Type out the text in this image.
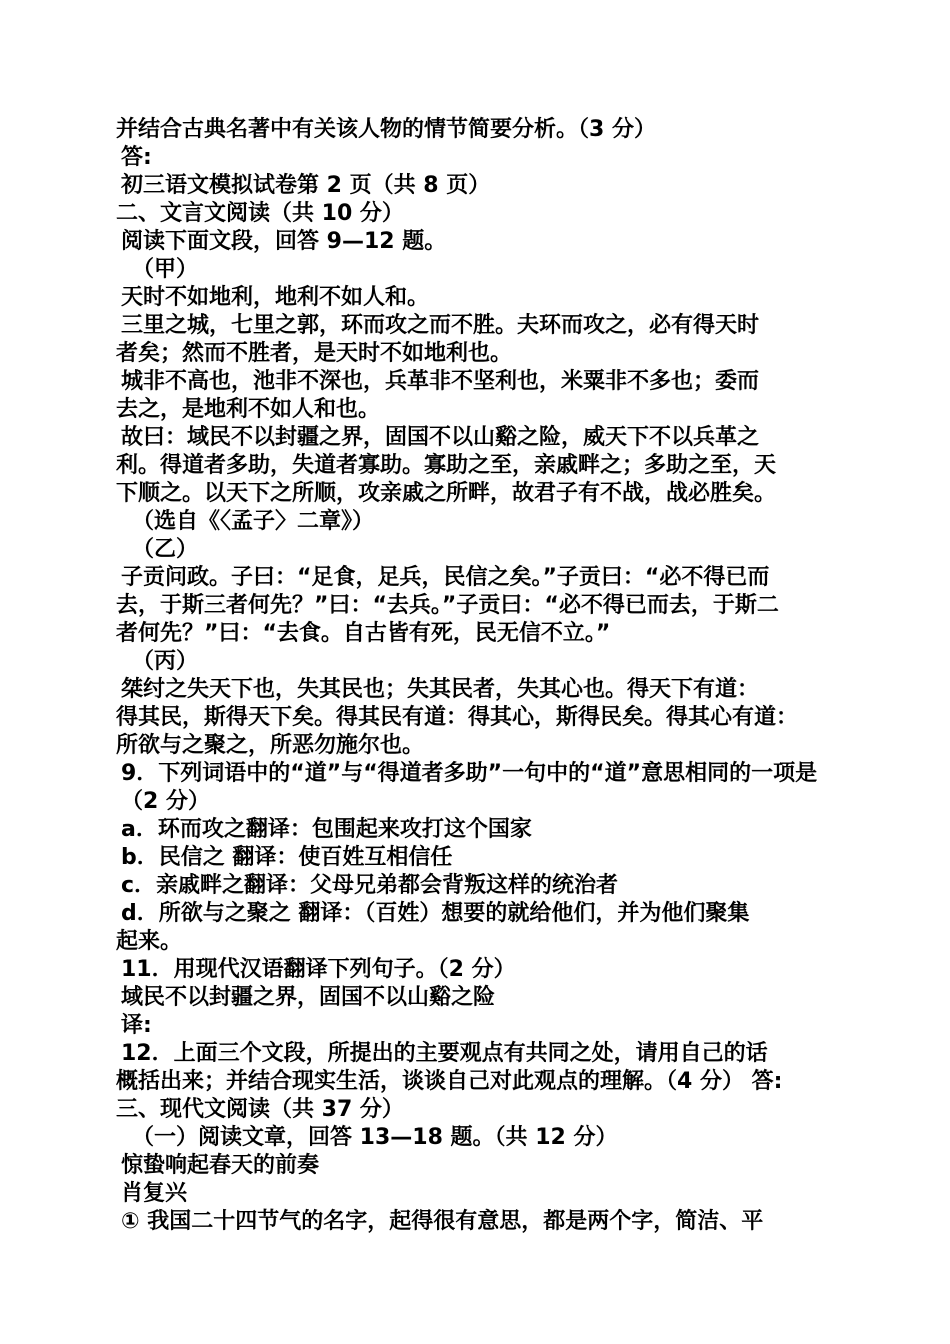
并结合古典名著中有关该人物的情节简要分析。（3 分）
答:
初三语文模拟试卷第 2 页（共 8 页）
二、文言文阅读（共 10 分）
阅读下面文段，回答 9—12 题。
（甲）
天时不如地利，地利不如人和。
三里之城，七里之郭，环而攻之而不胜。夫环而攻之，必有得天时
者矣；然而不胜者，是天时不如地利也。
城非不高也，池非不深也，兵革非不坚利也，米粟非不多也；委而
去之，是地利不如人和也。
故曰：域民不以封疆之界，固国不以山谿之险，威天下不以兵革之
利。得道者多助，失道者寡助。寡助之至，亲戚畔之；多助之至，天
下顺之。以天下之所顺，攻亲戚之所畔，故君子有不战，战必胜矣。
（选自《〈孟子〉二章》）
（乙）
子贡问政。子曰：“足食，足兵，民信之矣。”子贡曰：“必不得已而
去，于斯三者何先？”曰：“去兵。”子贡曰：“必不得已而去，于斯二
者何先？”曰：“去食。自古皆有死，民无信不立。”
（丙）
桀纣之失天下也，失其民也；失其民者，失其心也。得天下有道：
得其民，斯得天下矣。得其民有道：得其心，斯得民矣。得其心有道：
所欲与之聚之，所恶勿施尔也。
9．下列词语中的“道”与“得道者多助”一句中的“道”意思相同的一项是
（2 分）
a．环而攻之翻译：包围起来攻打这个国家
b．民信之 翻译：使百姓互相信任
c．亲戚畔之翻译：父母兄弟都会背叛这样的统治者
d．所欲与之聚之 翻译：（百姓）想要的就给他们，并为他们聚集
起来。
11．用现代汉语翻译下列句子。（2 分）
域民不以封疆之界，固国不以山谿之险
译:
12．上面三个文段，所提出的主要观点有共同之处，请用自己的话
概括出来；并结合现实生活，谈谈自己对此观点的理解。（4 分） 答:
三、现代文阅读（共 37 分）
（一）阅读文章，回答 13—18 题。（共 12 分）
惊蛰响起春天的前奏
肖复兴
① 我国二十四节气的名字，起得很有意思，都是两个字，简洁、平
